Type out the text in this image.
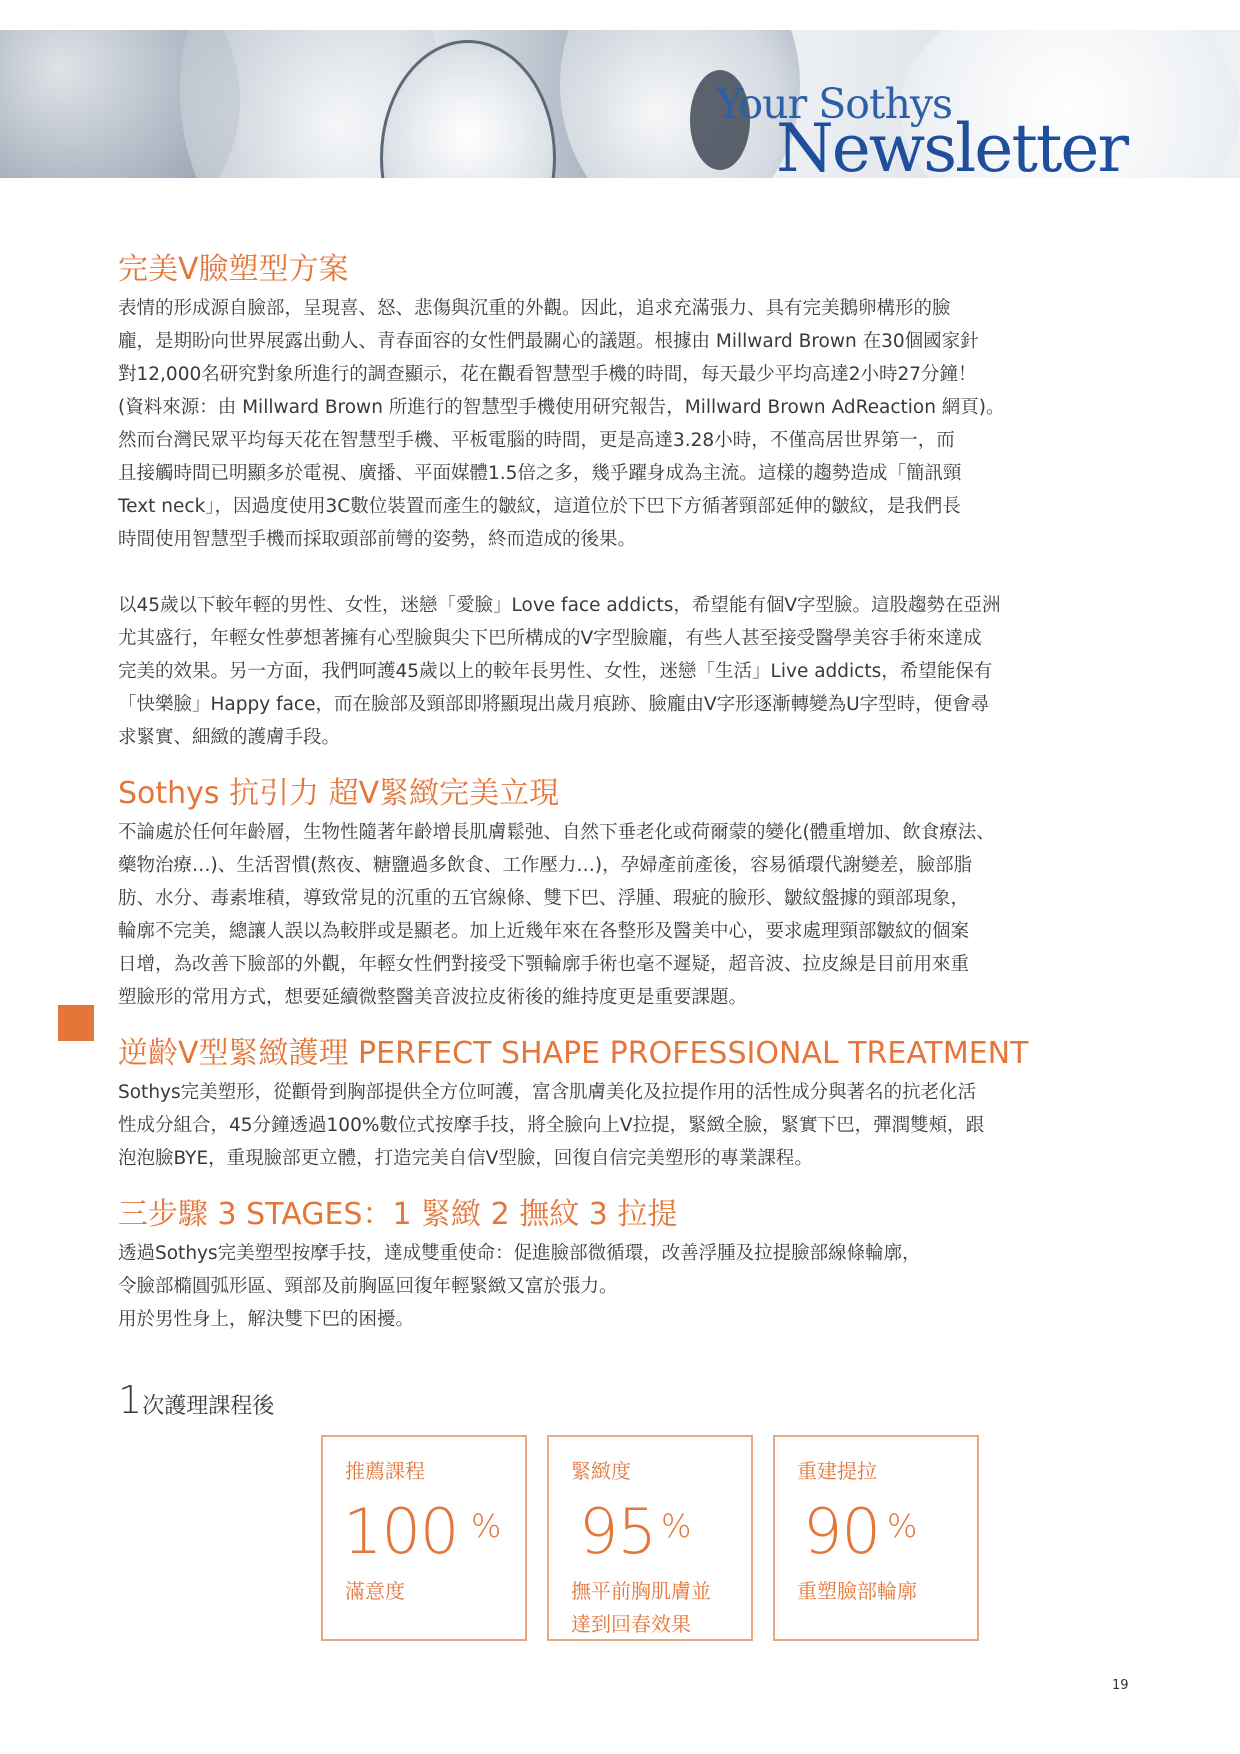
Your Sothys
Newsletter
完美V臉塑型方案

表情的形成源自臉部，呈現喜、怒、悲傷與沉重的外觀。因此，追求充滿張力、具有完美鵝卵構形的臉
龐，是期盼向世界展露出動人、青春面容的女性們最關心的議題。根據由 Millward Brown 在30個國家針
對12,000名研究對象所進行的調查顯示，花在觀看智慧型手機的時間，每天最少平均高達2小時27分鐘！
(資料來源：由 Millward Brown 所進行的智慧型手機使用研究報告，Millward Brown AdReaction 網頁)。
然而台灣民眾平均每天花在智慧型手機、平板電腦的時間，更是高達3.28小時，不僅高居世界第一，而
且接觸時間已明顯多於電視、廣播、平面媒體1.5倍之多，幾乎躍身成為主流。這樣的趨勢造成「簡訊頸
Text neck」，因過度使用3C數位裝置而產生的皺紋，這道位於下巴下方循著頸部延伸的皺紋，是我們長
時間使用智慧型手機而採取頭部前彎的姿勢，終而造成的後果。

以45歲以下較年輕的男性、女性，迷戀「愛臉」Love face addicts，希望能有個V字型臉。這股趨勢在亞洲
尤其盛行，年輕女性夢想著擁有心型臉與尖下巴所構成的V字型臉龐，有些人甚至接受醫學美容手術來達成
完美的效果。另一方面，我們呵護45歲以上的較年長男性、女性，迷戀「生活」Live addicts，希望能保有
「快樂臉」Happy face，而在臉部及頸部即將顯現出歲月痕跡、臉龐由V字形逐漸轉變為U字型時，便會尋
求緊實、細緻的護膚手段。

Sothys 抗引力 超V緊緻完美立現

不論處於任何年齡層，生物性隨著年齡增長肌膚鬆弛、自然下垂老化或荷爾蒙的變化(體重增加、飲食療法、
藥物治療…)、生活習慣(熬夜、糖鹽過多飲食、工作壓力…)，孕婦產前產後，容易循環代謝變差，臉部脂
肪、水分、毒素堆積，導致常見的沉重的五官線條、雙下巴、浮腫、瑕疵的臉形、皺紋盤據的頸部現象，
輪廓不完美，總讓人誤以為較胖或是顯老。加上近幾年來在各整形及醫美中心，要求處理頸部皺紋的個案
日增，為改善下臉部的外觀，年輕女性們對接受下顎輪廓手術也毫不遲疑，超音波、拉皮線是目前用來重
塑臉形的常用方式，想要延續微整醫美音波拉皮術後的維持度更是重要課題。

逆齡V型緊緻護理 PERFECT SHAPE PROFESSIONAL TREATMENT

Sothys完美塑形，從顴骨到胸部提供全方位呵護，富含肌膚美化及拉提作用的活性成分與著名的抗老化活
性成分組合，45分鐘透過100%數位式按摩手技，將全臉向上V拉提，緊緻全臉，緊實下巴，彈潤雙頰，跟
泡泡臉BYE，重現臉部更立體，打造完美自信V型臉，回復自信完美塑形的專業課程。

三步驟 3 STAGES：1 緊緻 2 撫紋 3 拉提

透過Sothys完美塑型按摩手技，達成雙重使命：促進臉部微循環，改善浮腫及拉提臉部線條輪廓，
令臉部橢圓弧形區、頸部及前胸區回復年輕緊緻又富於張力。
用於男性身上，解決雙下巴的困擾。

1次護理課程後
推薦課程
100 %
滿意度
緊緻度
95 %
撫平前胸肌膚並
達到回春效果
重建提拉
90 %
重塑臉部輪廓
19
